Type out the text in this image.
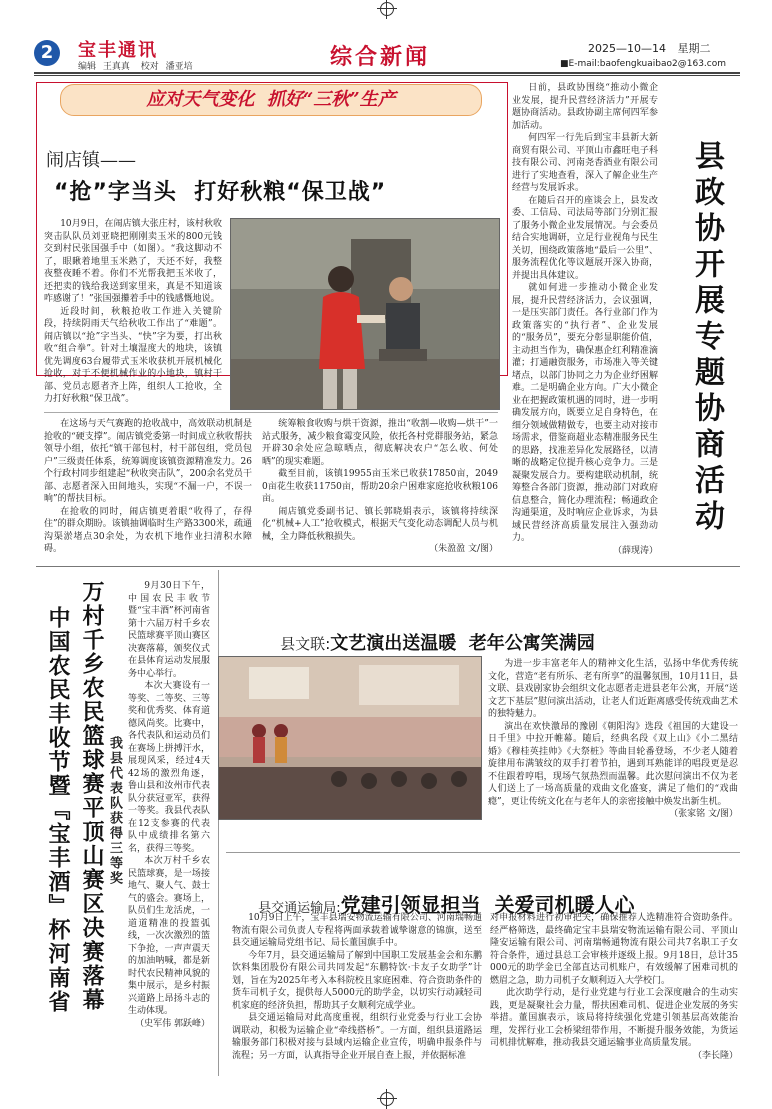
2	宝丰通讯
编辑 王真真 校对 潘亚培	综合新闻	2025—10—14 星期二
■E-mail:baofengkuaibao2@163.com
应对天气变化  抓好“三秋”生产
闹店镇——
“抢”字当头  打好秋粮“保卫战”

10月9日，在闹店镇大张庄村，该村秋收突击队队员刘亚晓把刚刚卖玉米的800元钱交到村民张国强手中（如图）。“我这脚动不了，眼瞅着地里玉米熟了，天还不好，我整夜整夜睡不着。你们不光帮我把玉米收了，还把卖的钱给我送到家里来，真是不知道该咋感谢了！”张国强攥着手中的钱感慨地说。

近段时间，秋粮抢收工作进入关键阶段，持续阴雨天气给秋收工作出了“难题”。闹店镇以“抢”字当头、“快”字为要，打出秋收“组合拳”。针对土壤湿度大的地块，该镇优先调度63台履带式玉米收获机开展机械化抢收，对于不便机械作业的小地块，镇村干部、党员志愿者齐上阵，组织人工抢收，全力打好秋粮“保卫战”。

在这场与天气赛跑的抢收战中，高效联动机制是抢收的“硬支撑”。闹店镇党委第一时间成立秋收帮扶领导小组，依托“镇干部包村，村干部包组，党员包户”三级责任体系，统筹调度该镇资源精准发力。26个行政村同步组建起“秋收突击队”，200余名党员干部、志愿者深入田间地头，实现“不漏一户，不误一晌”的帮扶目标。

在抢收的同时，闹店镇更着眼“收得了，存得住”的群众期盼。该镇抽调临时生产路3300米，疏通沟渠淤堵点30余处，为农机下地作业扫清积水障碍。

统筹粮食收购与烘干资源，推出“收割—收购—烘干”一站式服务，减少粮食霉变风险，依托各村党群服务站，紧急开辟30余处应急晾晒点，彻底解决农户“怎么收、何处晒”的现实难题。

截至目前，该镇19955亩玉米已收获17850亩，20490亩花生收获11750亩，帮助20余户困难家庭抢收秋粮106亩。

闹店镇党委副书记、镇长郭晓娟表示，该镇将持续深化“机械+人工”抢收模式，根据天气变化动态调配人员与机械，全力降低秋粮损失。

（朱盈盈 文/图）

日前，县政协围绕“推动小微企业发展，提升民营经济活力”开展专题协商活动。县政协副主席何四军参加活动。

何四军一行先后到宝丰县新大新商贸有限公司、平顶山市鑫旺电子科技有限公司、河南尧香酒业有限公司进行了实地查看，深入了解企业生产经营与发展诉求。

在随后召开的座谈会上，县发改委、工信局、司法局等部门分别汇报了服务小微企业发展情况。与会委员结合实地调研，立足行业视角与民生关切，围绕政策落地“最后一公里”、服务流程优化等议题展开深入协商，并提出具体建议。

就如何进一步推动小微企业发展，提升民营经济活力，会议强调，一是压实部门责任。各行业部门作为政策落实的“执行者”、企业发展的“服务员”，要充分彰显职能价值，主动担当作为，确保惠企红利精准滴灌；打通融资服务，市场准入等关键堵点，以部门协同之力为企业纾困解难。二是明确企业方向。广大小微企业在把握政策机遇的同时，进一步明确发展方向，既要立足自身特色，在细分领域做精做专，也要主动对接市场需求，借鉴商超业态精准服务民生的思路，找准差异化发展路径，以清晰的战略定位提升核心竞争力。三是凝聚发展合力。要构建联动机制，统筹整合各部门资源，推动部门对政府信息整合，简化办理流程；畅通政企沟通渠道，及时响应企业诉求，为县域民营经济高质量发展注入强劲动力。

（薛现涛）
县政协开展专题协商活动
中国农民丰收节暨『宝丰酒』杯河南省 万村千乡农民篮球赛平顶山赛区决赛落幕 我县代表队获得三等奖

9月30日下午，中国农民丰收节暨“宝丰酒”杯河南省第十六届万村千乡农民篮球赛平顶山赛区决赛落幕，颁奖仪式在县体育运动发展服务中心举行。

本次大赛设有一等奖、二等奖、三等奖和优秀奖、体育道德风尚奖。比赛中，各代表队和运动员们在赛场上拼搏汗水，展现风采，经过4天42场的激烈角逐，鲁山县和汝州市代表队分获冠亚军，获得一等奖。我县代表队在12支参赛的代表队中成绩排名第六名，获得三等奖。

本次万村千乡农民篮球赛，是一场接地气、聚人气、鼓士气的盛会。赛场上，队员们生龙活虎，一道道精准的投篮弧线，一次次激烈的篮下争抢，一声声震天的加油呐喊，都是新时代农民精神风貌的集中展示，是乡村振兴道路上昂扬斗志的生动体现。

（史军伟 郭跃峰）

县文联:文艺演出送温暖  老年公寓笑满园

为进一步丰富老年人的精神文化生活，弘扬中华优秀传统文化，营造“老有所乐、老有所享”的温馨氛围，10月11日，县文联、县戏剧家协会组织文化志愿者走进县老年公寓，开展“送文艺下基层”慰问演出活动，让老人们近距离感受传统戏曲艺术的独特魅力。

演出在欢快激昂的豫剧《朝阳沟》选段《祖国的大建设一日千里》中拉开帷幕。随后，经典名段《双上山》《小二黑结婚》《穆桂英挂帅》《大祭桩》等曲目轮番登场，不少老人随着旋律用布满皱纹的双手打着节拍，遇到耳熟能详的唱段更是忍不住跟着哼唱，现场气氛热烈而温馨。此次慰问演出不仅为老人们送上了一场高质量的戏曲文化盛宴，满足了他们的“戏曲瘾”，更让传统文化在与老年人的亲密接触中焕发出新生机。

（张家铭 文/图）

县交通运输局:党建引领显担当  关爱司机暖人心

10月9日上午，宝丰县瑞安物流运输有限公司、河南瑞畅通物流有限公司负责人专程将两面承载着诚挚谢意的锦旗，送至县交通运输局党组书记、局长董国旗手中。

今年7月，县交通运输局了解到中国职工发展基金会和东鹏饮料集团股份有限公司共同发起“东鹏特饮·卡友子女助学”计划，旨在为2025年考入本科院校且家庭困难、符合资助条件的货车司机子女，提供每人5000元的助学金，以切实行动减轻司机家庭的经济负担，帮助其子女顺利完成学业。

县交通运输局对此高度重视，组织行业党委与行业工会协调联动，积极为运输企业“牵线搭桥”。一方面，组织县道路运输服务部门积极对接与县域内运输企业宣传，明确申报条件与流程；另一方面，认真指导企业开展自查上报，并依据标准

对申报材料进行初审把关，确保推荐人选精准符合资助条件。经严格筛选，最终确定宝丰县瑞安物流运输有限公司、平顶山隆安运输有限公司、河南瑞畅通物流有限公司共7名职工子女符合条件，通过县总工会审核并逐级上报。9月18日，总计35000元的助学金已全部直达司机账户，有效缓解了困难司机的燃眉之急，助力司机子女顺利迈入大学校门。

此次助学行动，是行业党建与行业工会深度融合的生动实践，更是凝聚社会力量，帮扶困难司机、促进企业发展的务实举措。董国旗表示，该局将持续强化党建引领基层高效能治理，发挥行业工会桥梁纽带作用，不断提升服务效能，为货运司机排忧解难，推动我县交通运输事业高质量发展。

（李长隆）
